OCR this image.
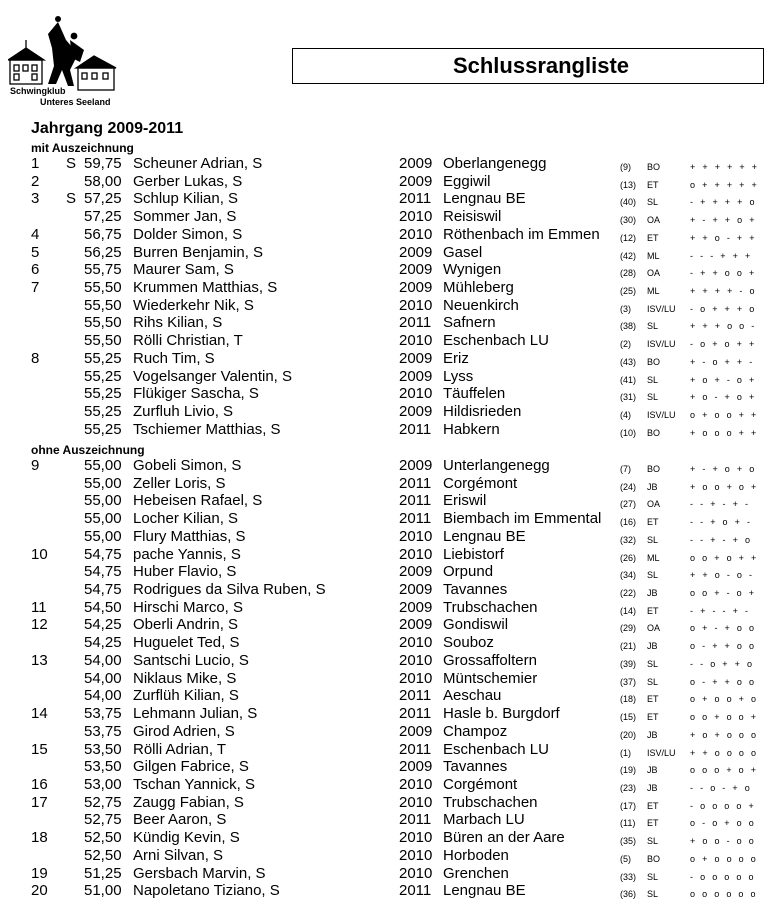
Schwingklub
Unteres Seeland
Schlussrangliste
Jahrgang 2009-2011
mit Auszeichnung
ohne Auszeichnung
1 S 59,75 Scheuner Adrian, S	2009 Oberlangenegg	(9) BO	+ + + + + +
2	58,00 Gerber Lukas, S	2009 Eggiwil	(13) ET	o + + + + +
3 S 57,25 Schlup Kilian, S	2011 Lengnau BE	(40) SL	- + + + + o
57,25 Sommer Jan, S	2010 Reisiswil	(30) OA	+ - + + o +
4	56,75 Dolder Simon, S	2010 Röthenbach im Emmen (12) ET	+ + o - + +
5	56,25 Burren Benjamin, S	2009 Gasel	(42) ML	- - - + + +
6	55,75 Maurer Sam, S	2009 Wynigen	(28) OA	- + + o o +
7	55,50 Krummen Matthias, S	2009 Mühleberg	(25) ML	+ + + + - o
55,50 Wiederkehr Nik, S	2010 Neuenkirch	(3) ISV/LU - o + + + o
55,50 Rihs Kilian, S	2011 Safnern	(38) SL	+ + + o o -
55,50 Rölli Christian, T	2010 Eschenbach LU	(2) ISV/LU - o + o + +
8	55,25 Ruch Tim, S	2009 Eriz	(43) BO	+ - o + + -
55,25 Vogelsanger Valentin, S	2009 Lyss	(41) SL	+ o + - o +
55,25 Flükiger Sascha, S	2010 Täuffelen	(31) SL	+ o - + o +
55,25 Zurfluh Livio, S	2009 Hildisrieden	(4) ISV/LU o + o o + +
55,25 Tschiemer Matthias, S	2011 Habkern	(10) BO	+ o o o + +
9	55,00 Gobeli Simon, S	2009 Unterlangenegg	(7) BO	+ - + o + o
55,00 Zeller Loris, S	2011 Corgémont	(24) JB	+ o o + o +
55,00 Hebeisen Rafael, S	2011 Eriswil	(27) OA	- - + - + -
55,00 Locher Kilian, S	2011 Biembach im Emmental (16) ET	- - + o + -
55,00 Flury Matthias, S	2010 Lengnau BE	(32) SL	- - + - + o
10 54,75 pache Yannis, S	2010 Liebistorf	(26) ML	o o + o + +
54,75 Huber Flavio, S	2009 Orpund	(34) SL	+ + o - o -
54,75 Rodrigues da Silva Ruben, S	2009 Tavannes	(22) JB	o o + - o +
11 54,50 Hirschi Marco, S	2009 Trubschachen	(14) ET	- + - - + -
12 54,25 Oberli Andrin, S	2009 Gondiswil	(29) OA	o + - + o o
54,25 Huguelet Ted, S	2010 Souboz	(21) JB	o - + + o o
13 54,00 Santschi Lucio, S	2010 Grossaffoltern	(39) SL	- - o + + o
54,00 Niklaus Mike, S	2010 Müntschemier	(37) SL	o - + + o o
54,00 Zurflüh Kilian, S	2011 Aeschau	(18) ET	o + o o + o
14 53,75 Lehmann Julian, S	2011 Hasle b. Burgdorf	(15) ET	o o + o o +
53,75 Girod Adrien, S	2009 Champoz	(20) JB	+ o + o o o
15 53,50 Rölli Adrian, T	2011 Eschenbach LU	(1) ISV/LU + + o o o o
53,50 Gilgen Fabrice, S	2009 Tavannes	(19) JB	o o o + o +
16 53,00 Tschan Yannick, S	2010 Corgémont	(23) JB	- - o - + o
17 52,75 Zaugg Fabian, S	2010 Trubschachen	(17) ET	- o o o o +
52,75 Beer Aaron, S	2011 Marbach LU	(11) ET	o - o + o o
18 52,50 Kündig Kevin, S	2010 Büren an der Aare	(35) SL	+ o o - o o
52,50 Arni Silvan, S	2010 Horboden	(5) BO	o + o o o o
19 51,25 Gersbach Marvin, S	2010 Grenchen	(33) SL	- o o o o o
20 51,00 Napoletano Tiziano, S	2011 Lengnau BE	(36) SL	o o o o o o
